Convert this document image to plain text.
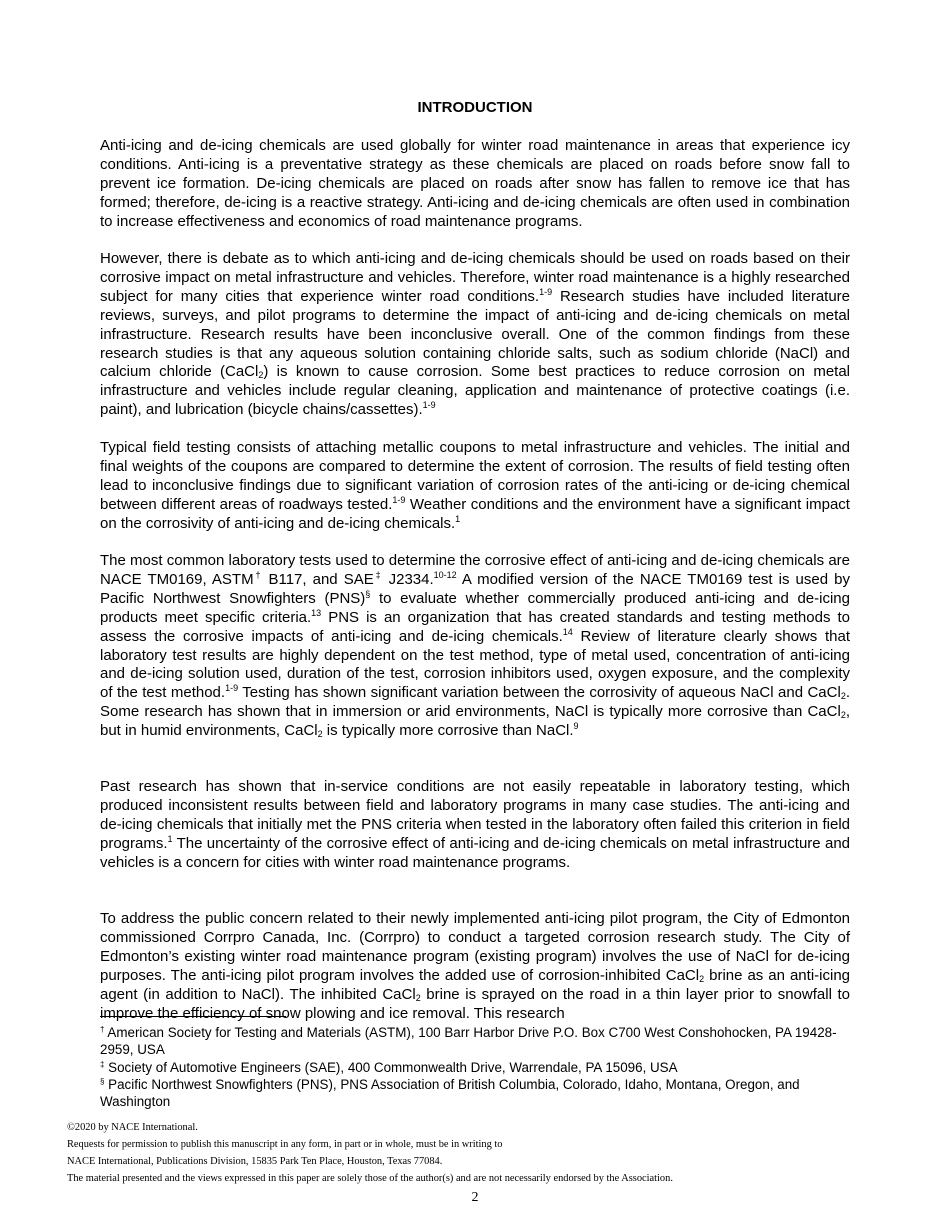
INTRODUCTION

Anti-icing and de-icing chemicals are used globally for winter road maintenance in areas that experience icy conditions. Anti-icing is a preventative strategy as these chemicals are placed on roads before snow fall to prevent ice formation. De-icing chemicals are placed on roads after snow has fallen to remove ice that has formed; therefore, de-icing is a reactive strategy. Anti-icing and de-icing chemicals are often used in combination to increase effectiveness and economics of road maintenance programs.

However, there is debate as to which anti-icing and de-icing chemicals should be used on roads based on their corrosive impact on metal infrastructure and vehicles. Therefore, winter road maintenance is a highly researched subject for many cities that experience winter road conditions.$^{1-9}$ Research studies have included literature reviews, surveys, and pilot programs to determine the impact of anti-icing and de-icing chemicals on metal infrastructure. Research results have been inconclusive overall. One of the common findings from these research studies is that any aqueous solution containing chloride salts, such as sodium chloride (NaCl) and calcium chloride (CaCl$_2$) is known to cause corrosion. Some best practices to reduce corrosion on metal infrastructure and vehicles include regular cleaning, application and maintenance of protective coatings (i.e. paint), and lubrication (bicycle chains/cassettes).$^{1-9}$

Typical field testing consists of attaching metallic coupons to metal infrastructure and vehicles. The initial and final weights of the coupons are compared to determine the extent of corrosion. The results of field testing often lead to inconclusive findings due to significant variation of corrosion rates of the anti-icing or de-icing chemical between different areas of roadways tested.$^{1-9}$ Weather conditions and the environment have a significant impact on the corrosivity of anti-icing and de-icing chemicals.$^1$

The most common laboratory tests used to determine the corrosive effect of anti-icing and de-icing chemicals are NACE TM0169, ASTM† B117, and SAE‡ J2334.$^{10-12}$ A modified version of the NACE TM0169 test is used by Pacific Northwest Snowfighters (PNS)§ to evaluate whether commercially produced anti-icing and de-icing products meet specific criteria.$^{13}$ PNS is an organization that has created standards and testing methods to assess the corrosive impacts of anti-icing and de-icing chemicals.$^{14}$ Review of literature clearly shows that laboratory test results are highly dependent on the test method, type of metal used, concentration of anti-icing and de-icing solution used, duration of the test, corrosion inhibitors used, oxygen exposure, and the complexity of the test method.$^{1-9}$ Testing has shown significant variation between the corrosivity of aqueous NaCl and CaCl$_2$. Some research has shown that in immersion or arid environments, NaCl is typically more corrosive than CaCl$_2$, but in humid environments, CaCl$_2$ is typically more corrosive than NaCl.$^9$

Past research has shown that in-service conditions are not easily repeatable in laboratory testing, which produced inconsistent results between field and laboratory programs in many case studies. The anti-icing and de-icing chemicals that initially met the PNS criteria when tested in the laboratory often failed this criterion in field programs.$^1$ The uncertainty of the corrosive effect of anti-icing and de-icing chemicals on metal infrastructure and vehicles is a concern for cities with winter road maintenance programs.

To address the public concern related to their newly implemented anti-icing pilot program, the City of Edmonton commissioned Corrpro Canada, Inc. (Corrpro) to conduct a targeted corrosion research study. The City of Edmonton’s existing winter road maintenance program (existing program) involves the use of NaCl for de-icing purposes. The anti-icing pilot program involves the added use of corrosion-inhibited CaCl$_2$ brine as an anti-icing agent (in addition to NaCl). The inhibited CaCl$_2$ brine is sprayed on the road in a thin layer prior to snowfall to improve the efficiency of snow plowing and ice removal. This research

† American Society for Testing and Materials (ASTM), 100 Barr Harbor Drive P.O. Box C700 West Conshohocken, PA 19428-2959, USA

‡ Society of Automotive Engineers (SAE), 400 Commonwealth Drive, Warrendale, PA 15096, USA

§ Pacific Northwest Snowfighters (PNS), PNS Association of British Columbia, Colorado, Idaho, Montana, Oregon, and Washington

©2020 by NACE International.

Requests for permission to publish this manuscript in any form, in part or in whole, must be in writing to

NACE International, Publications Division, 15835 Park Ten Place, Houston, Texas 77084.

The material presented and the views expressed in this paper are solely those of the author(s) and are not necessarily endorsed by the Association.

2
